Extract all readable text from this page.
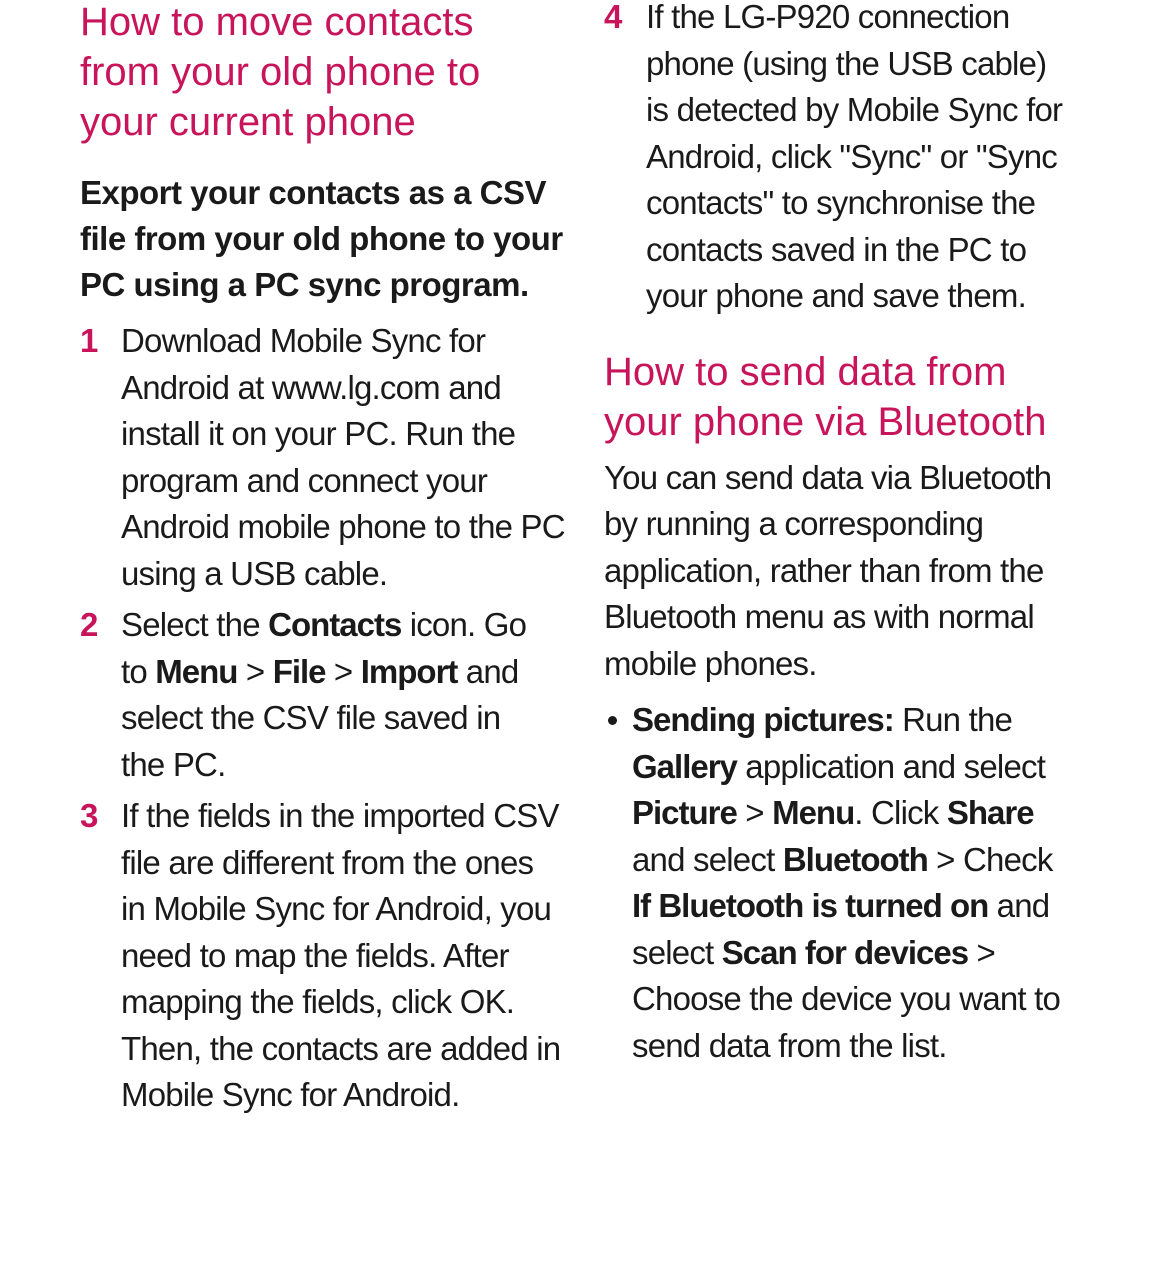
How to move contacts
from your old phone to
your current phone
Export your contacts as a CSV
file from your old phone to your
PC using a PC sync program.
1 Download Mobile Sync for
Android at www.lg.com and
install it on your PC. Run the
program and connect your
Android mobile phone to the PC
using a USB cable.
2 Select the Contacts icon. Go
to Menu > File > Import and
select the CSV file saved in
the PC.
3 If the fields in the imported CSV
file are different from the ones
in Mobile Sync for Android, you
need to map the fields. After
mapping the fields, click OK.
Then, the contacts are added in
Mobile Sync for Android.
4 If the LG-P920 connection
phone (using the USB cable)
is detected by Mobile Sync for
Android, click "Sync" or "Sync
contacts" to synchronise the
contacts saved in the PC to
your phone and save them.
How to send data from
your phone via Bluetooth
You can send data via Bluetooth
by running a corresponding
application, rather than from the
Bluetooth menu as with normal
mobile phones.
Sending pictures: Run the
Gallery application and select
Picture > Menu. Click Share
and select Bluetooth > Check
If Bluetooth is turned on and
select Scan for devices >
Choose the device you want to
send data from the list.
